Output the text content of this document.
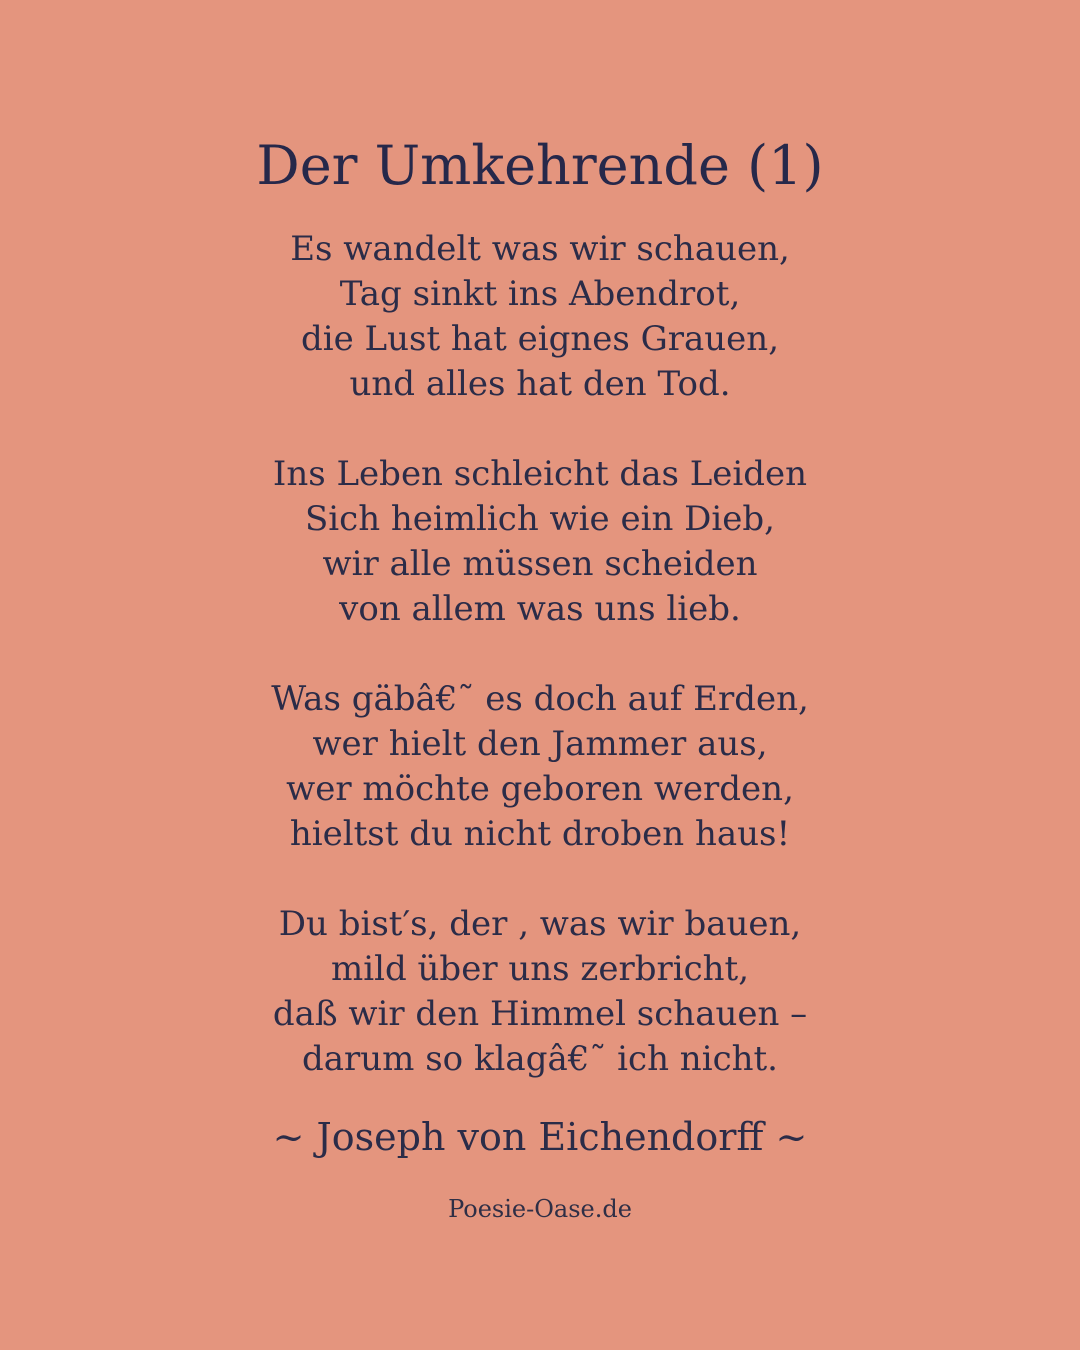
Der Umkehrende (1)
Es wandelt was wir schauen,
Tag sinkt ins Abendrot,
die Lust hat eignes Grauen,
und alles hat den Tod.
Ins Leben schleicht das Leiden
Sich heimlich wie ein Dieb,
wir alle müssen scheiden
von allem was uns lieb.
Was gäbâ€˜ es doch auf Erden,
wer hielt den Jammer aus,
wer möchte geboren werden,
hieltst du nicht droben haus!
Du bist′s, der , was wir bauen,
mild über uns zerbricht,
daß wir den Himmel schauen –
darum so klagâ€˜ ich nicht.

~ Joseph von Eichendorff ~

Poesie-Oase.de
